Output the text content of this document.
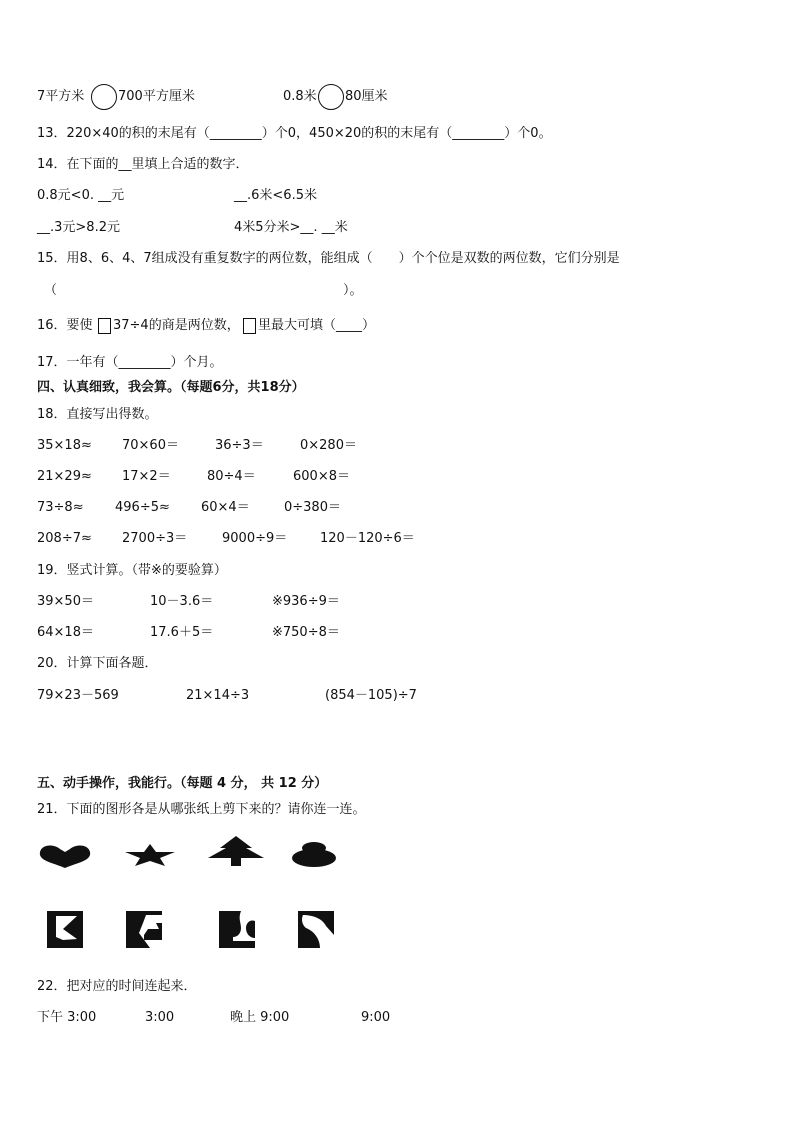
7平方米	700平方厘米	0.8米 80厘米
13．220×40的积的末尾有（________）个0，450×20的积的末尾有（________）个0。
14．在下面的__里填上合适的数字．
0.8元<0. __元	__.6米<6.5米
__.3元>8.2元	4米5分米>__. __米
15．用8、6、4、7组成没有重复数字的两位数，能组成（　　）个个位是双数的两位数，它们分别是
（　　　　　　　　　　　　　　　　　　　　　　）。
16．要使 37÷4的商是两位数， 里最大可填（____）
17．一年有（________）个月。
四、认真细致，我会算。（每题6分，共18分）
18．直接写出得数。
35×18≈ 70×60＝	36÷3＝	0×280＝
21×29≈ 17×2＝	80÷4＝	600×8＝
73÷8≈ 496÷5≈ 60×4＝	0÷380＝
208÷7≈ 2700÷3＝	9000÷9＝	120－120÷6＝
19．竖式计算。（带※的要验算）
39×50＝	10－3.6＝	※936÷9＝
64×18＝	17.6＋5＝	※750÷8＝
20．计算下面各题．
79×23－569	21×14÷3	(854－105)÷7
五、动手操作，我能行。（每题 4 分， 共 12 分）
21．下面的图形各是从哪张纸上剪下来的？请你连一连。
22．把对应的时间连起来．
下午 3:00	3:00	晚上 9:00	9:00
